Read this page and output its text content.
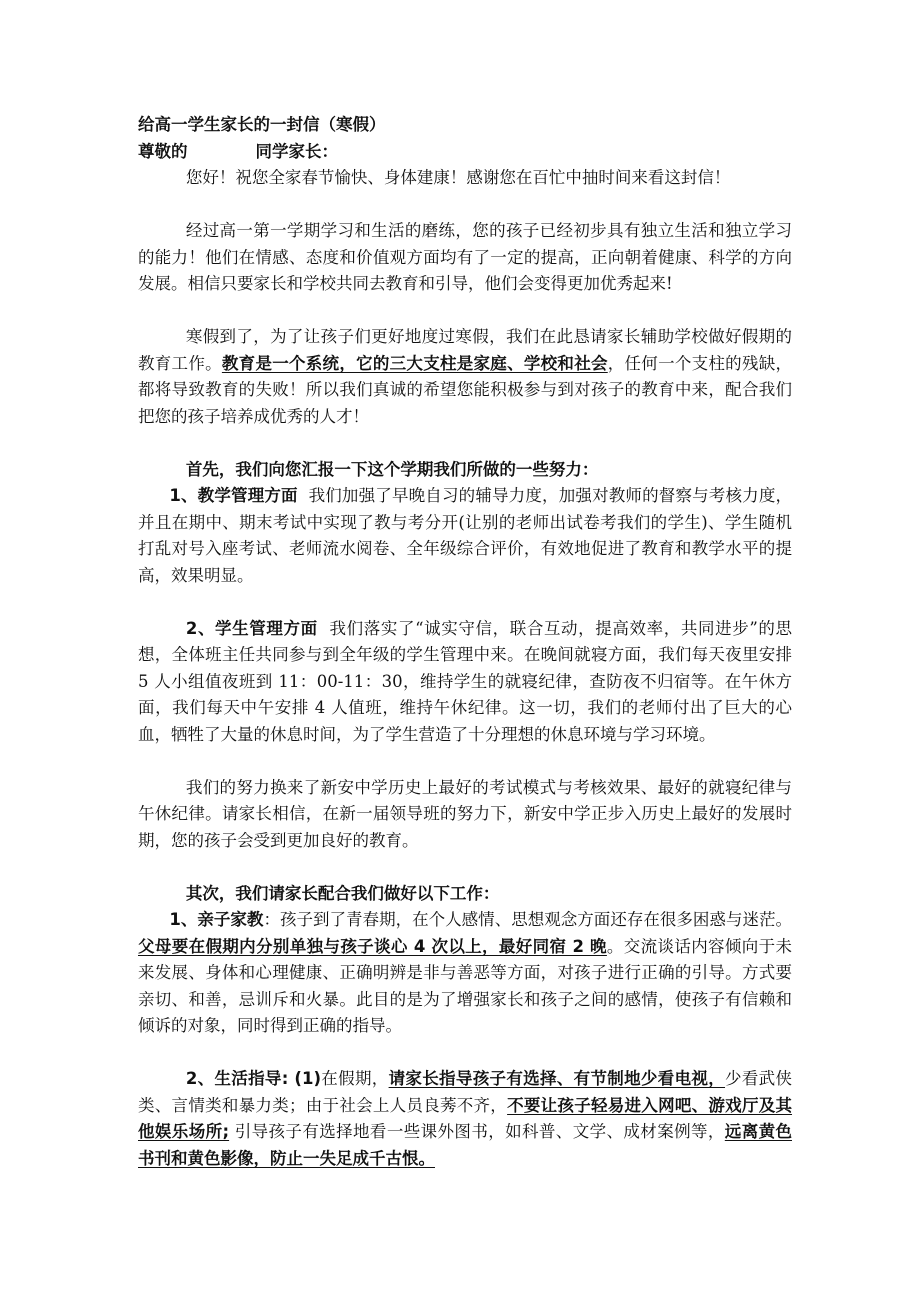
给高一学生家长的一封信（寒假）

尊敬的	同学家长：

您好！祝您全家春节愉快、身体建康！感谢您在百忙中抽时间来看这封信！

经过高一第一学期学习和生活的磨练，您的孩子已经初步具有独立生活和独立学习的能力！他们在情感、态度和价值观方面均有了一定的提高，正向朝着健康、科学的方向发展。相信只要家长和学校共同去教育和引导，他们会变得更加优秀起来!

寒假到了，为了让孩子们更好地度过寒假，我们在此恳请家长辅助学校做好假期的教育工作。教育是一个系统，它的三大支柱是家庭、学校和社会，任何一个支柱的残缺，都将导致教育的失败！所以我们真诚的希望您能积极参与到对孩子的教育中来，配合我们把您的孩子培养成优秀的人才！

首先，我们向您汇报一下这个学期我们所做的一些努力：

1、教学管理方面 我们加强了早晚自习的辅导力度，加强对教师的督察与考核力度，并且在期中、期末考试中实现了教与考分开(让别的老师出试卷考我们的学生)、学生随机打乱对号入座考试、老师流水阅卷、全年级综合评价，有效地促进了教育和教学水平的提高，效果明显。

2、学生管理方面 我们落实了“诚实守信，联合互动，提高效率，共同进步”的思想，全体班主任共同参与到全年级的学生管理中来。在晚间就寝方面，我们每天夜里安排 5 人小组值夜班到 11：00-11：30，维持学生的就寝纪律，查防夜不归宿等。在午休方面，我们每天中午安排 4 人值班，维持午休纪律。这一切，我们的老师付出了巨大的心血，牺牲了大量的休息时间，为了学生营造了十分理想的休息环境与学习环境。

我们的努力换来了新安中学历史上最好的考试模式与考核效果、最好的就寝纪律与午休纪律。请家长相信，在新一届领导班的努力下，新安中学正步入历史上最好的发展时期，您的孩子会受到更加良好的教育。

其次，我们请家长配合我们做好以下工作：

1、亲子家教：孩子到了青春期，在个人感情、思想观念方面还存在很多困惑与迷茫。父母要在假期内分别单独与孩子谈心 4 次以上，最好同宿 2 晚。交流谈话内容倾向于未来发展、身体和心理健康、正确明辨是非与善恶等方面，对孩子进行正确的引导。方式要亲切、和善，忌训斥和火暴。此目的是为了增强家长和孩子之间的感情，使孩子有信赖和倾诉的对象，同时得到正确的指导。

2、生活指导: (1)在假期，请家长指导孩子有选择、有节制地少看电视，少看武侠类、言情类和暴力类；由于社会上人员良莠不齐，不要让孩子轻易进入网吧、游戏厅及其他娱乐场所; 引导孩子有选择地看一些课外图书，如科普、文学、成材案例等，远离黄色书刊和黄色影像，防止一失足成千古恨。
